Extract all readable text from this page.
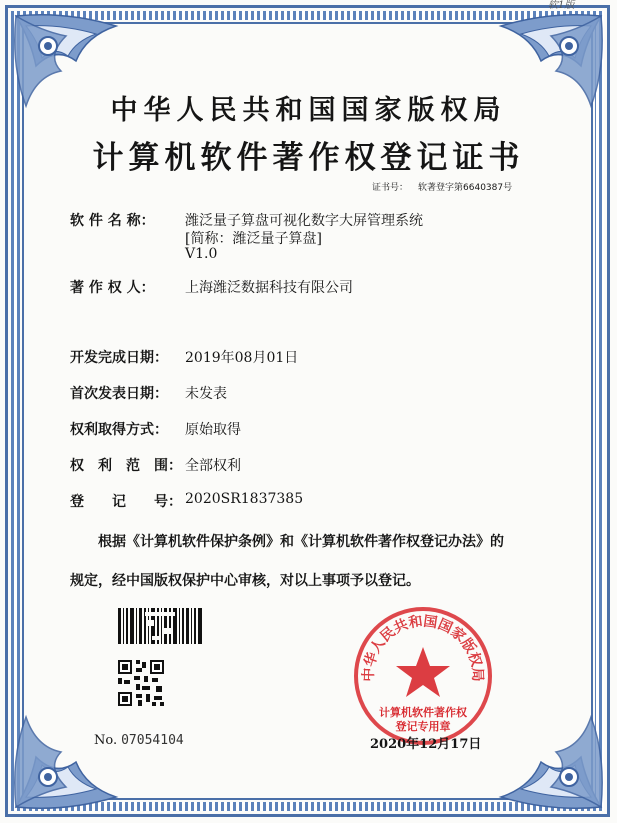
软1版
中华人民共和国国家版权局
计算机软件著作权登记证书
证书号： 软著登字第6640387号
软 件 名 称： 潍泛量子算盘可视化数字大屏管理系统
[简称：潍泛量子算盘]
V1.0
著 作 权 人： 上海潍泛数据科技有限公司
开发完成日期： 2019年08月01日
首次发表日期： 未发表
权利取得方式： 原始取得
权　利　范　围： 全部权利
登　　记　　号： 2020SR1837385
根据《计算机软件保护条例》和《计算机软件著作权登记办法》的
规定，经中国版权保护中心审核，对以上事项予以登记。
No. 07054104
中华人民共和国国家版权局
计算机软件著作权
登记专用章
2020年12月17日
